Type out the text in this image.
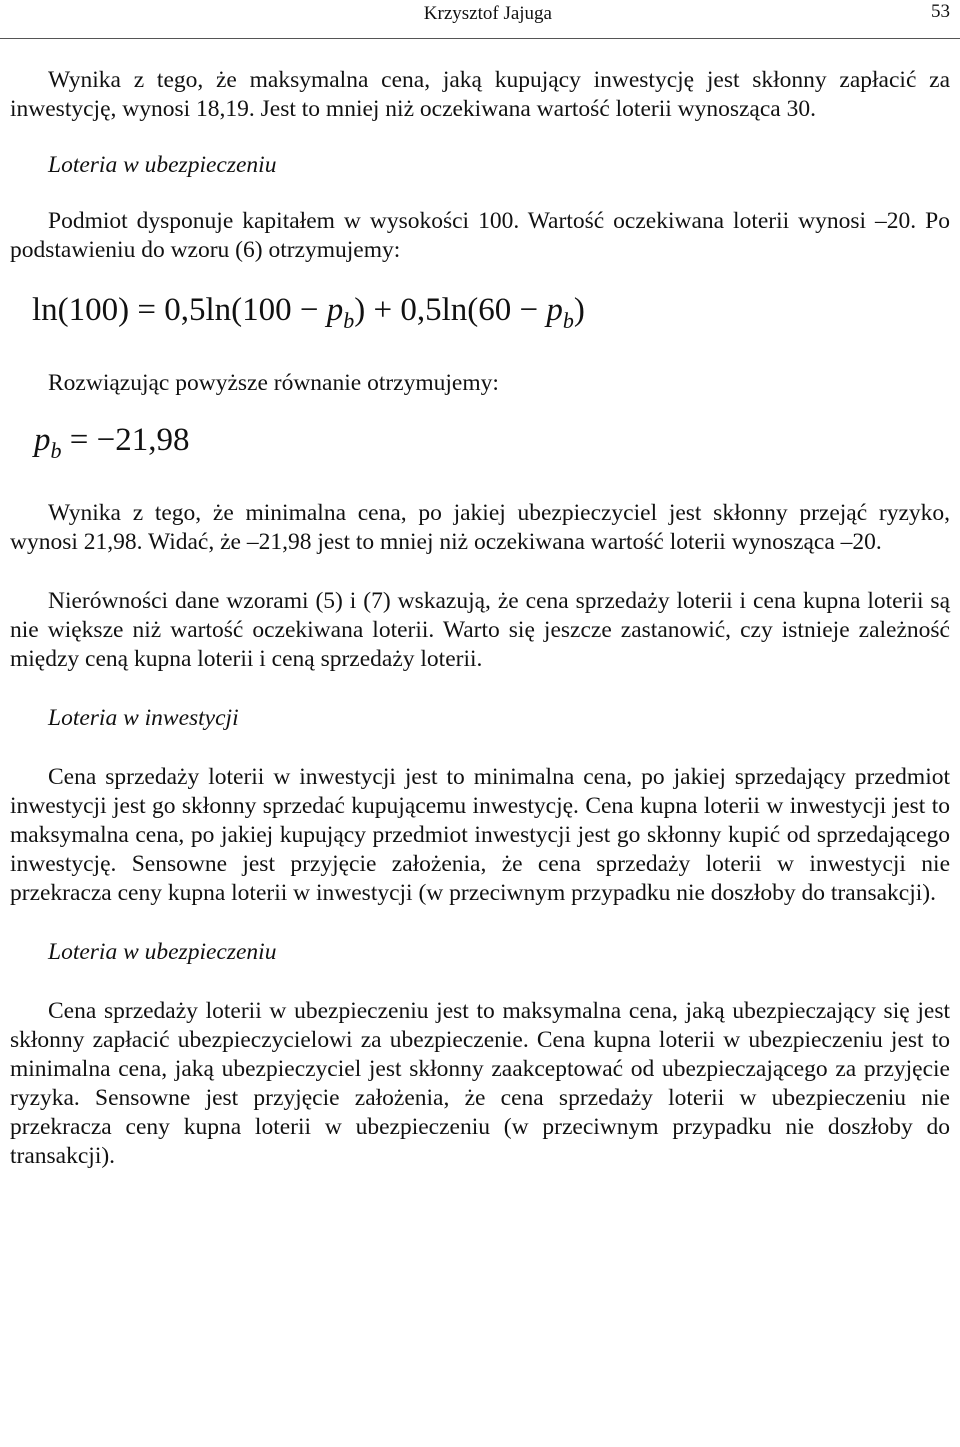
Krzysztof Jajuga	53

Wynika z tego, że maksymalna cena, jaką kupujący inwestycję jest skłonny zapłacić za inwestycję, wynosi 18,19. Jest to mniej niż oczekiwana wartość loterii wynosząca 30.

Loteria w ubezpieczeniu

Podmiot dysponuje kapitałem w wysokości 100. Wartość oczekiwana loterii wynosi –20. Po podstawieniu do wzoru (6) otrzymujemy:

$\ln(100) = 0,5\ln(100 - p_b) + 0,5\ln(60 - p_b)$

Rozwiązując powyższe równanie otrzymujemy:

$p_b = -21,98$

Wynika z tego, że minimalna cena, po jakiej ubezpieczyciel jest skłonny przejąć ryzyko, wynosi 21,98. Widać, że –21,98 jest to mniej niż oczekiwana wartość loterii wynosząca –20.

Nierówności dane wzorami (5) i (7) wskazują, że cena sprzedaży loterii i cena kupna loterii są nie większe niż wartość oczekiwana loterii. Warto się jeszcze zastanowić, czy istnieje zależność między ceną kupna loterii i ceną sprzedaży loterii.

Loteria w inwestycji

Cena sprzedaży loterii w inwestycji jest to minimalna cena, po jakiej sprzedający przedmiot inwestycji jest go skłonny sprzedać kupującemu inwestycję. Cena kupna loterii w inwestycji jest to maksymalna cena, po jakiej kupujący przedmiot inwestycji jest go skłonny kupić od sprzedającego inwestycję. Sensowne jest przyjęcie założenia, że cena sprzedaży loterii w inwestycji nie przekracza ceny kupna loterii w inwestycji (w przeciwnym przypadku nie doszłoby do transakcji).

Loteria w ubezpieczeniu

Cena sprzedaży loterii w ubezpieczeniu jest to maksymalna cena, jaką ubezpieczający się jest skłonny zapłacić ubezpieczycielowi za ubezpieczenie. Cena kupna loterii w ubezpieczeniu jest to minimalna cena, jaką ubezpieczyciel jest skłonny zaakceptować od ubezpieczającego za przyjęcie ryzyka. Sensowne jest przyjęcie założenia, że cena sprzedaży loterii w ubezpieczeniu nie przekracza ceny kupna loterii w ubezpieczeniu (w przeciwnym przypadku nie doszłoby do transakcji).
